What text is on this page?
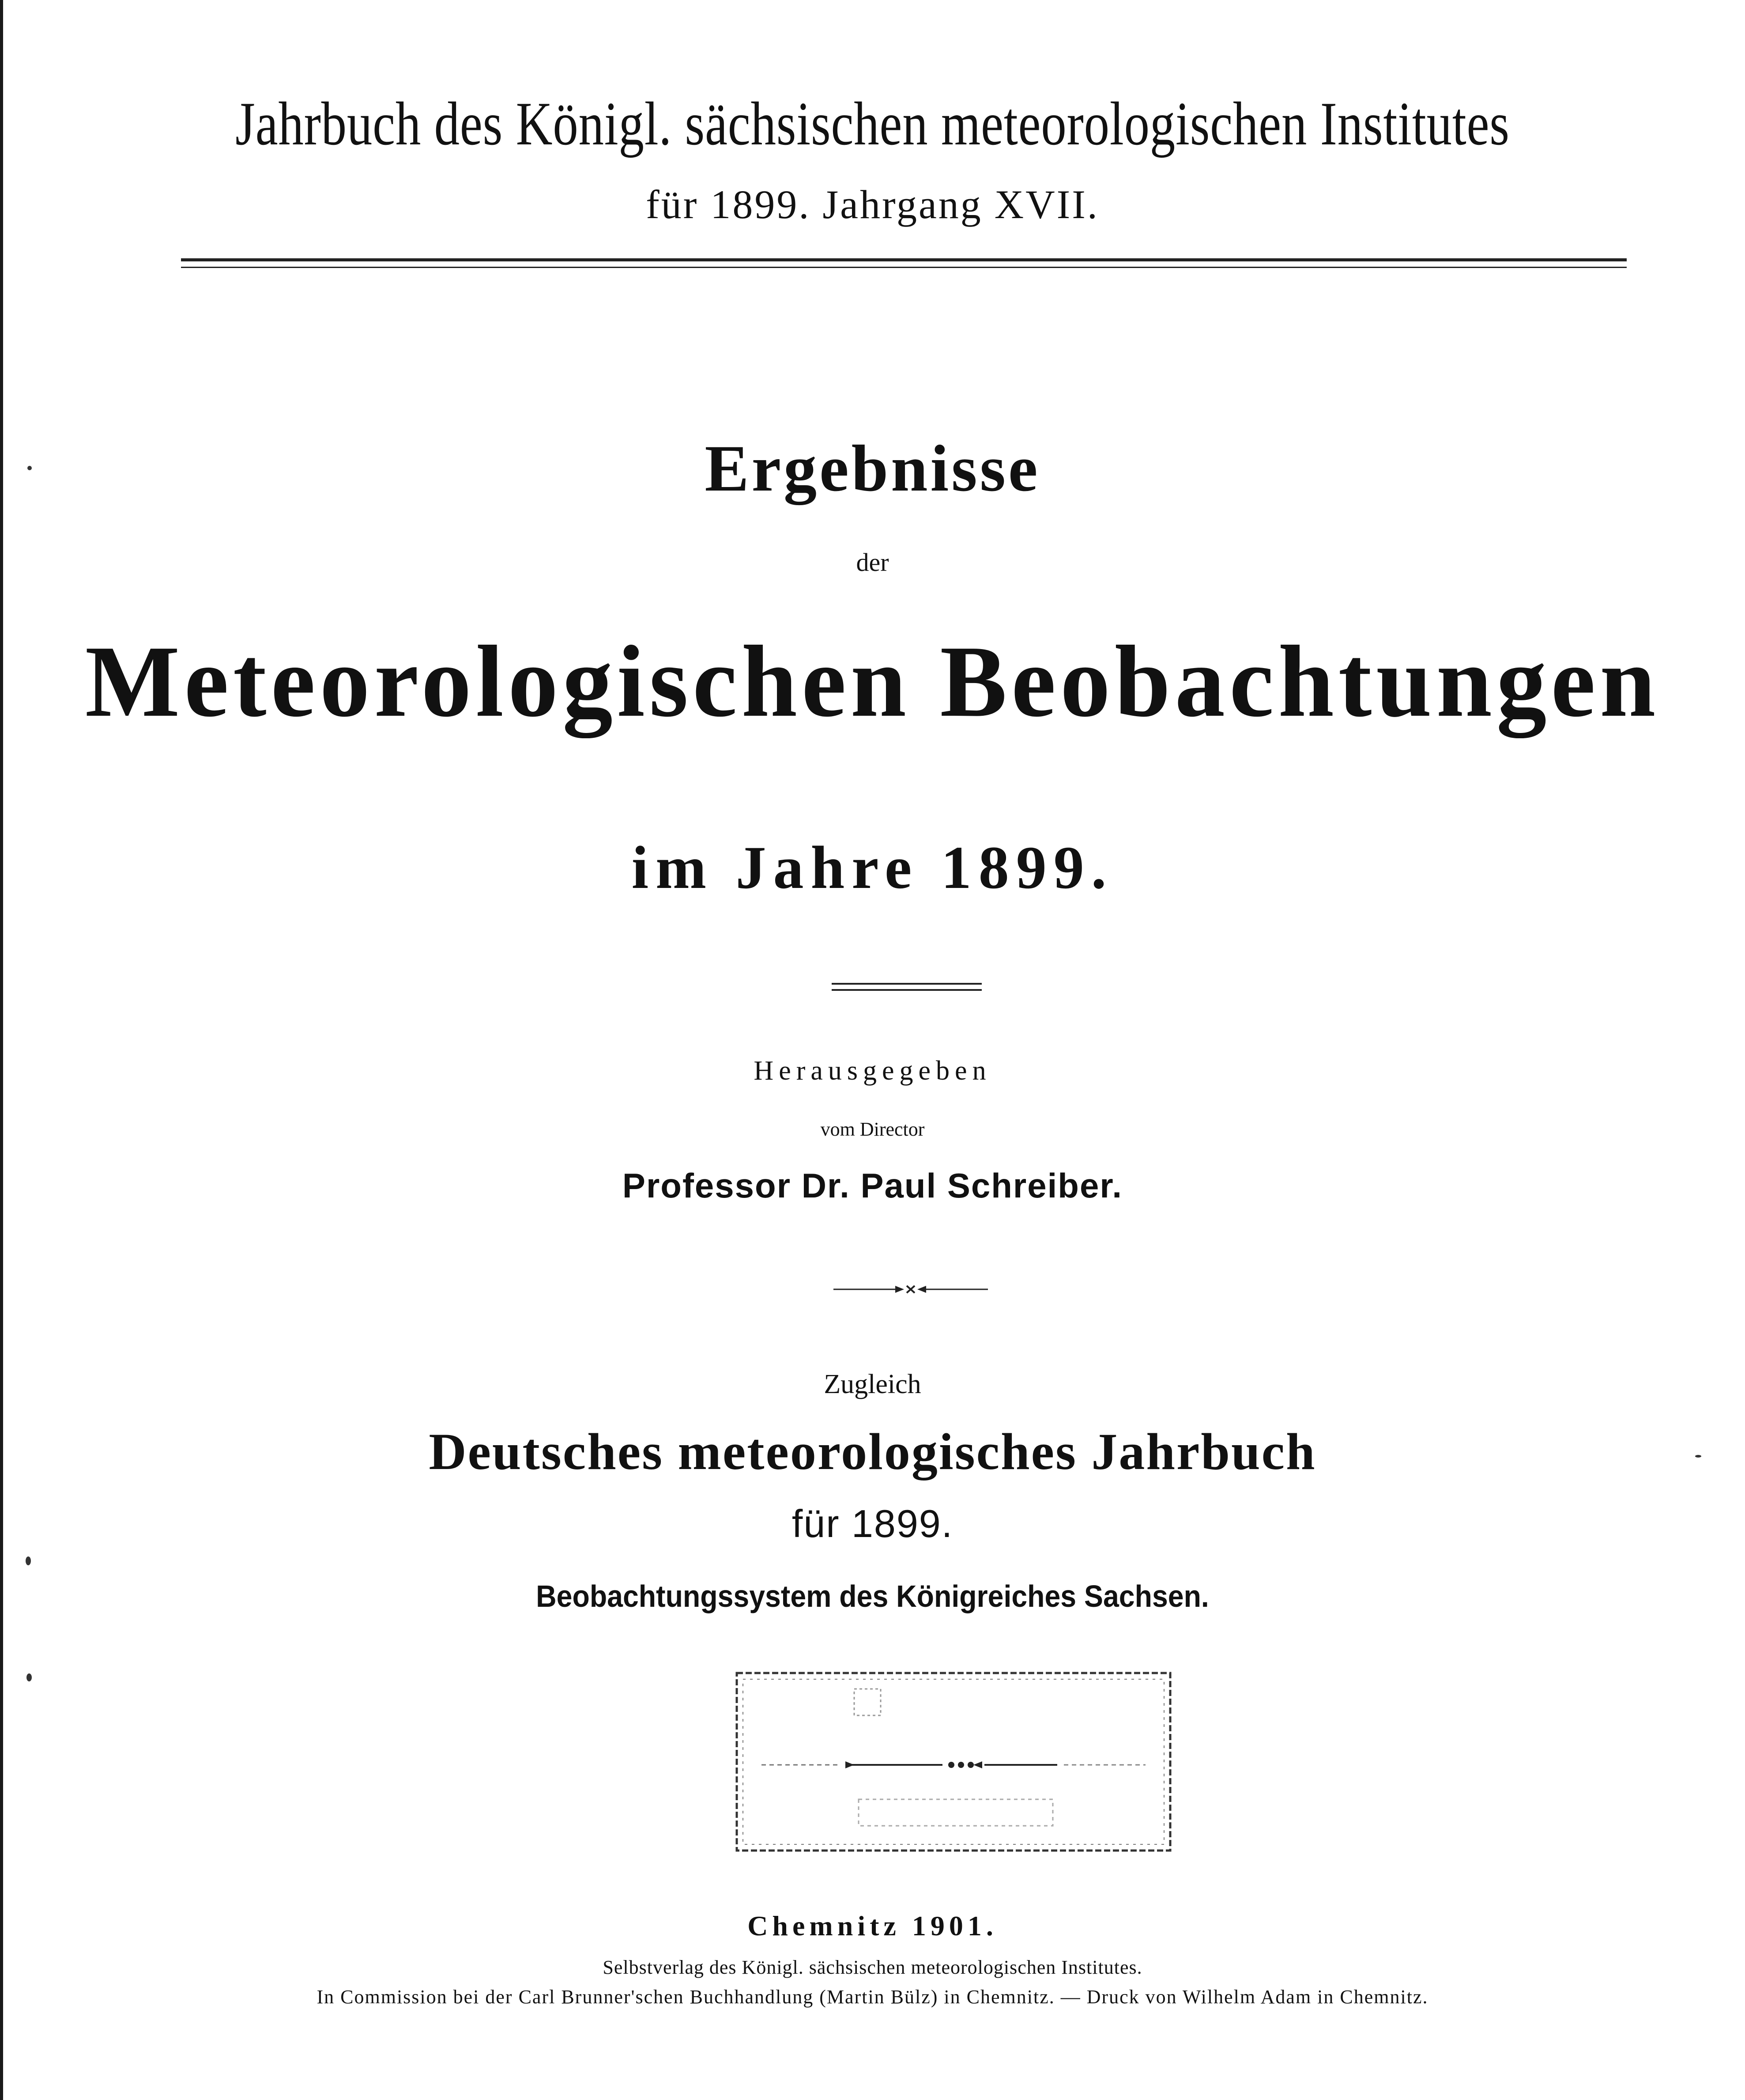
Jahrbuch des Königl. sächsischen meteorologischen Institutes
für 1899. Jahrgang XVII.
Ergebnisse
der
Meteorologischen Beobachtungen
im Jahre 1899.
Herausgegeben
vom Director
Professor Dr. Paul Schreiber.
Zugleich
Deutsches meteorologisches Jahrbuch
für 1899.
Beobachtungssystem des Königreiches Sachsen.
Chemnitz 1901.
Selbstverlag des Königl. sächsischen meteorologischen Institutes.
In Commission bei der Carl Brunner'schen Buchhandlung (Martin Bülz) in Chemnitz. — Druck von Wilhelm Adam in Chemnitz.
